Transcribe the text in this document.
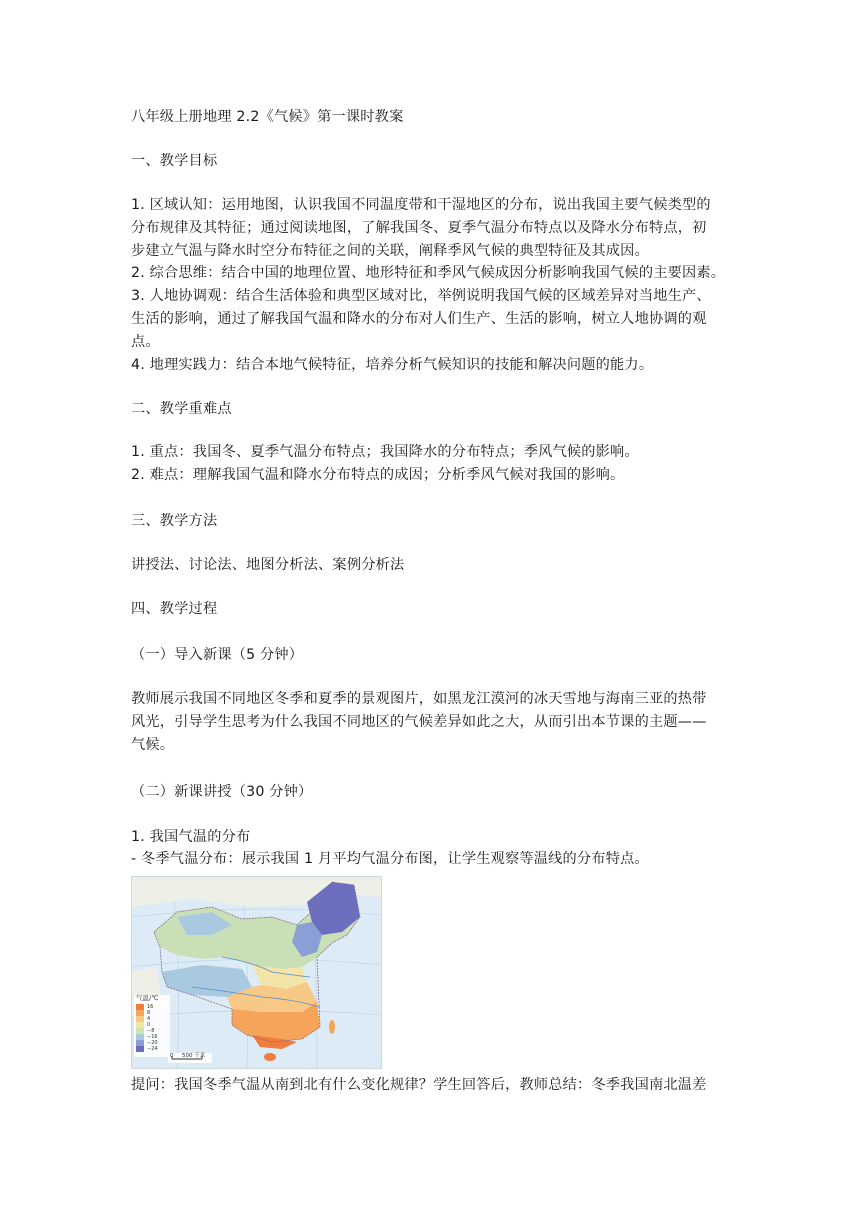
八年级上册地理 2.2《气候》第一课时教案
一、教学目标
1. 区域认知：运用地图，认识我国不同温度带和干湿地区的分布，说出我国主要气候类型的
分布规律及其特征；通过阅读地图，了解我国冬、夏季气温分布特点以及降水分布特点，初
步建立气温与降水时空分布特征之间的关联，阐释季风气候的典型特征及其成因。
2. 综合思维：结合中国的地理位置、地形特征和季风气候成因分析影响我国气候的主要因素。
3. 人地协调观：结合生活体验和典型区域对比，举例说明我国气候的区域差异对当地生产、
生活的影响，通过了解我国气温和降水的分布对人们生产、生活的影响，树立人地协调的观
点。
4. 地理实践力：结合本地气候特征，培养分析气候知识的技能和解决问题的能力。
二、教学重难点
1. 重点：我国冬、夏季气温分布特点；我国降水的分布特点；季风气候的影响。
2. 难点：理解我国气温和降水分布特点的成因；分析季风气候对我国的影响。
三、教学方法
讲授法、讨论法、地图分析法、案例分析法
四、教学过程
（一）导入新课（5 分钟）
教师展示我国不同地区冬季和夏季的景观图片，如黑龙江漠河的冰天雪地与海南三亚的热带
风光，引导学生思考为什么我国不同地区的气候差异如此之大，从而引出本节课的主题——
气候。
（二）新课讲授（30 分钟）
1. 我国气温的分布
- 冬季气温分布：展示我国 1 月平均气温分布图，让学生观察等温线的分布特点。
气温/℃
16
8
4
0
−8
−16
−20
−24
0 500 千米
提问：我国冬季气温从南到北有什么变化规律？学生回答后，教师总结：冬季我国南北温差
